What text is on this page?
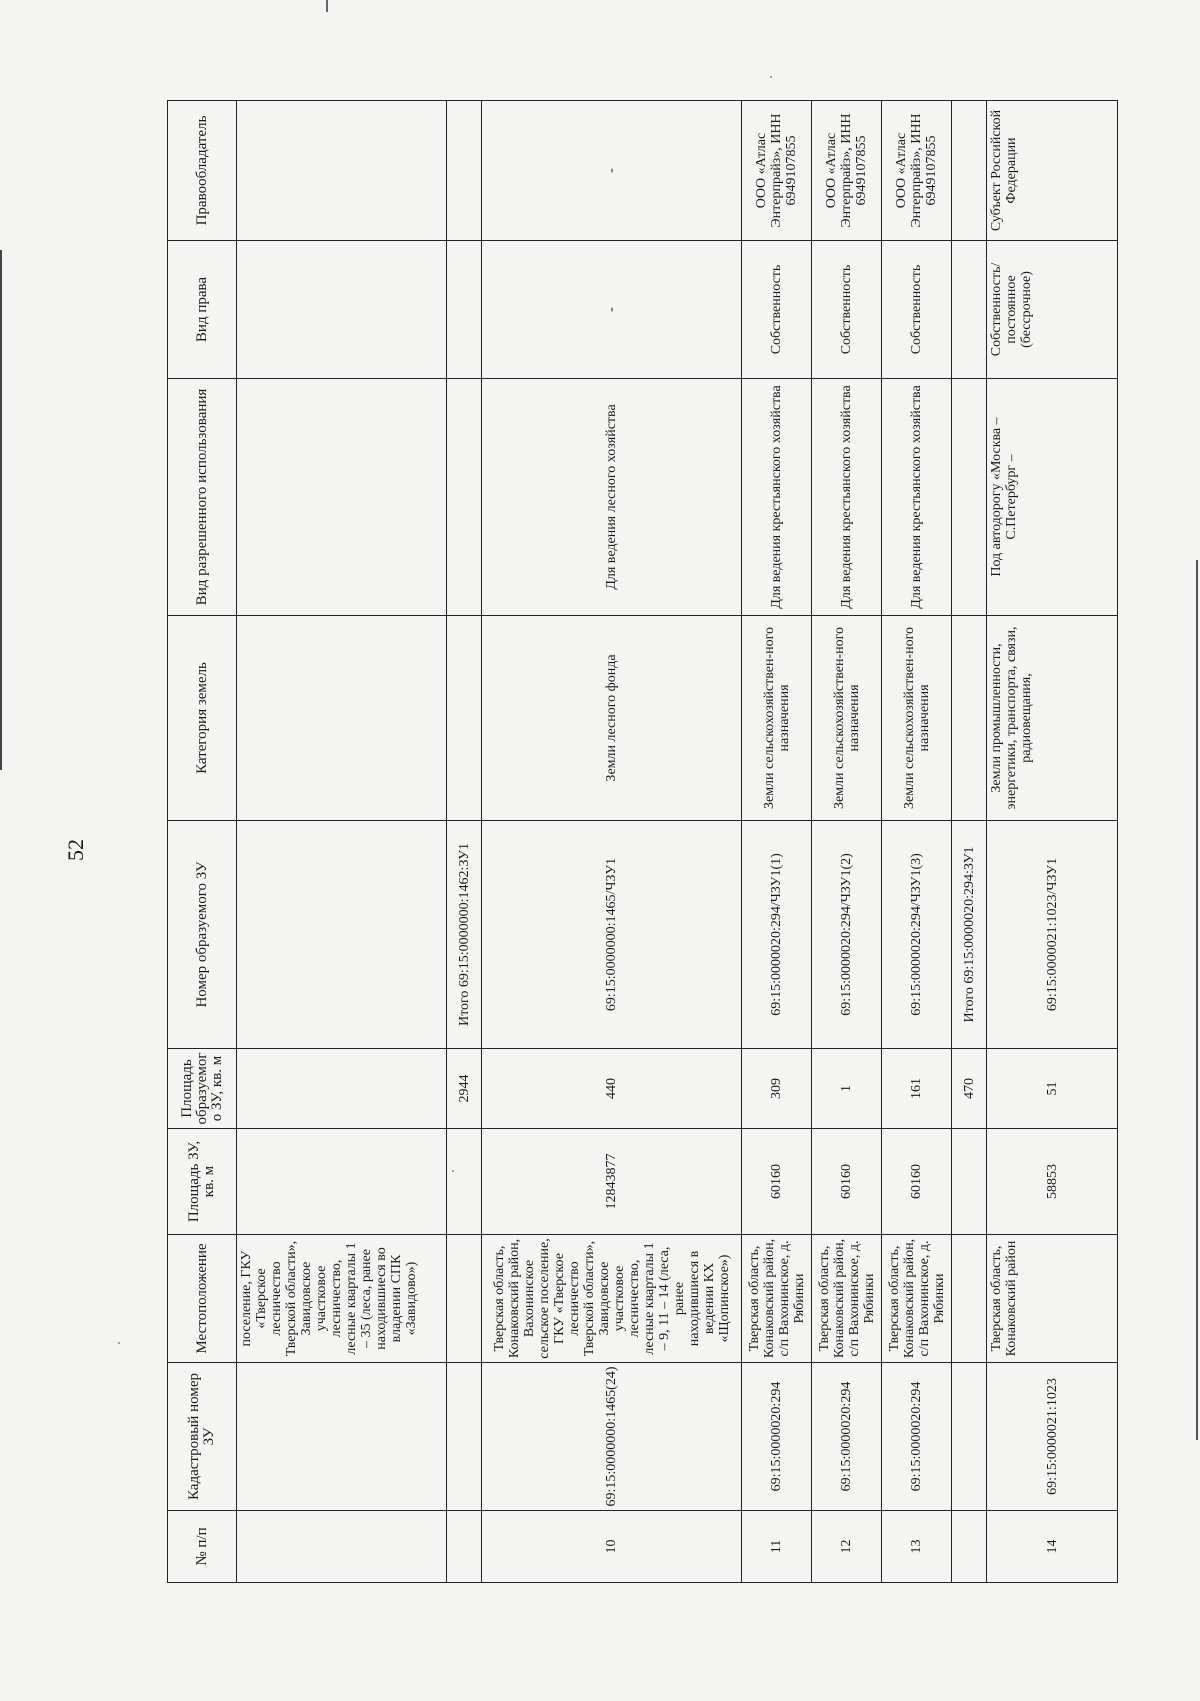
52
№ п/п	Кадастровый номер ЗУ	Местоположение	Площадь ЗУ, кв. м	Площадь образуемого ЗУ, кв. м	Номер образуемого ЗУ	Категория земель	Вид разрешенного использования	Вид права	Правообладатель
		поселение, ГКУ «Тверское лесничество Тверской области», Завидовское участковое лесничество, лесные кварталы 1 – 35 (леса, ранее находившиеся во владении СПК «Завидово»)							
				2944	Итого 69:15:0000000:1462:ЗУ1				
10	69:15:0000000:1465(24)	Тверская область, Конаковский район, Вахонинское сельское поселение, ГКУ «Тверское лесничество Тверской области», Завидовское участковое лесничество, лесные кварталы 1 – 9, 11 – 14 (леса, ранее находившиеся в ведении КХ «Щопинское»)	12843877	440	69:15:0000000:1465/ЧЗУ1	Земли лесного фонда	Для ведения лесного хозяйства	-	-
11	69:15:0000020:294	Тверская область, Конаковский район, с/п Вахонинское, д. Рябинки	60160	309	69:15:0000020:294/ЧЗУ1(1)	Земли сельскохозяйствен-ного назначения	Для ведения крестьянского хозяйства	Собственность	ООО «Атлас Энтерпрайз», ИНН 6949107855
12	69:15:0000020:294	Тверская область, Конаковский район, с/п Вахонинское, д. Рябинки	60160	1	69:15:0000020:294/ЧЗУ1(2)	Земли сельскохозяйствен-ного назначения	Для ведения крестьянского хозяйства	Собственность	ООО «Атлас Энтерпрайз», ИНН 6949107855
13	69:15:0000020:294	Тверская область, Конаковский район, с/п Вахонинское, д. Рябинки	60160	161	69:15:0000020:294/ЧЗУ1(3)	Земли сельскохозяйствен-ного назначения	Для ведения крестьянского хозяйства	Собственность	ООО «Атлас Энтерпрайз», ИНН 6949107855
				470	Итого 69:15:0000020:294:ЗУ1				
14	69:15:0000021:1023	Тверская область, Конаковский район	58853	51	69:15:0000021:1023/ЧЗУ1	Земли промышленности, энергетики, транспорта, связи, радиовещания,	Под автодорогу «Москва – С.Петербург –	Собственность/ постоянное (бессрочное)	Субъект Российской Федерации
